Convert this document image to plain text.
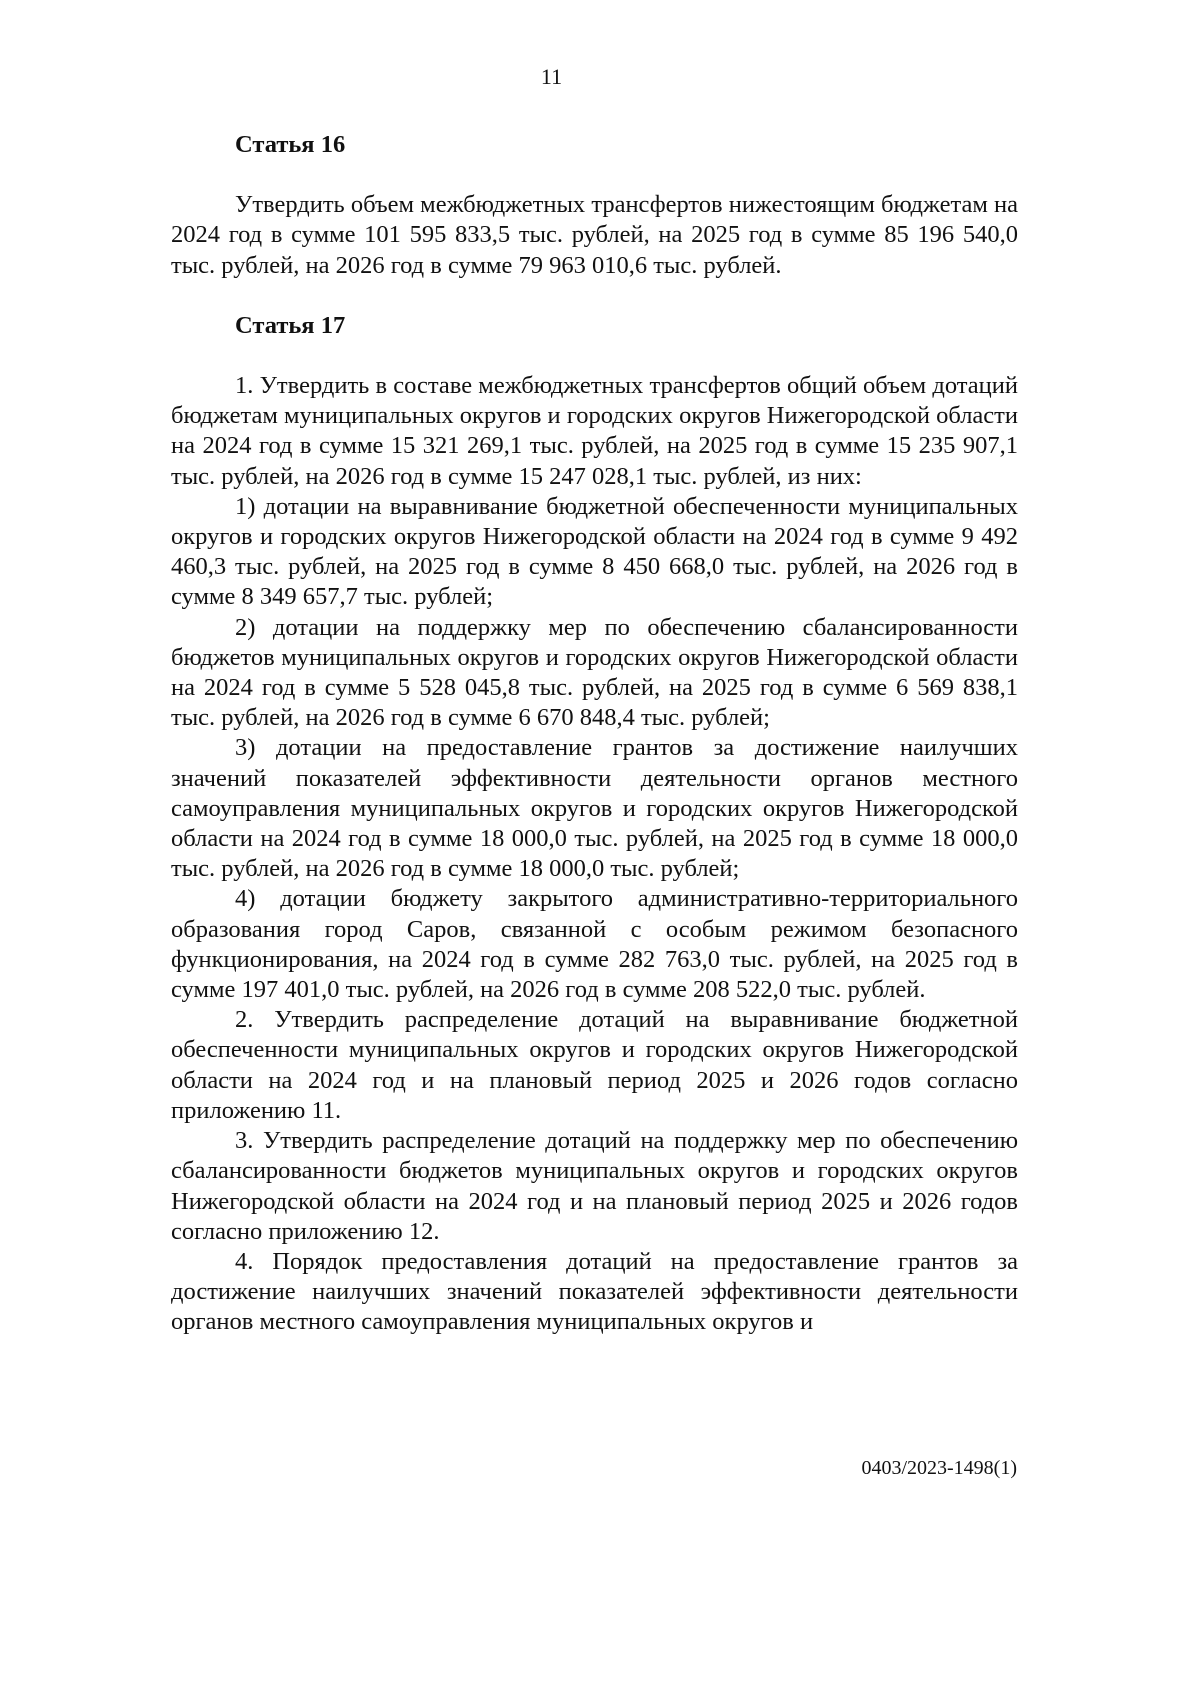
11

Статья 16

Утвердить объем межбюджетных трансфертов нижестоящим бюджетам на 2024 год в сумме 101 595 833,5 тыс. рублей, на 2025 год в сумме 85 196 540,0 тыс. рублей, на 2026 год в сумме 79 963 010,6 тыс. рублей.

Статья 17

1. Утвердить в составе межбюджетных трансфертов общий объем дотаций бюджетам муниципальных округов и городских округов Нижегородской области на 2024 год в сумме 15 321 269,1 тыс. рублей, на 2025 год в сумме 15 235 907,1 тыс. рублей, на 2026 год в сумме 15 247 028,1 тыс. рублей, из них:

1) дотации на выравнивание бюджетной обеспеченности муниципальных округов и городских округов Нижегородской области на 2024 год в сумме 9 492 460,3 тыс. рублей, на 2025 год в сумме 8 450 668,0 тыс. рублей, на 2026 год в сумме 8 349 657,7 тыс. рублей;

2) дотации на поддержку мер по обеспечению сбалансированности бюджетов муниципальных округов и городских округов Нижегородской области на 2024 год в сумме 5 528 045,8 тыс. рублей, на 2025 год в сумме 6 569 838,1 тыс. рублей, на 2026 год в сумме 6 670 848,4 тыс. рублей;

3) дотации на предоставление грантов за достижение наилучших значений показателей эффективности деятельности органов местного самоуправления муниципальных округов и городских округов Нижегородской области на 2024 год в сумме 18 000,0 тыс. рублей, на 2025 год в сумме 18 000,0 тыс. рублей, на 2026 год в сумме 18 000,0 тыс. рублей;

4) дотации бюджету закрытого административно-территориального образования город Саров, связанной с особым режимом безопасного функционирования, на 2024 год в сумме 282 763,0 тыс. рублей, на 2025 год в сумме 197 401,0 тыс. рублей, на 2026 год в сумме 208 522,0 тыс. рублей.

2. Утвердить распределение дотаций на выравнивание бюджетной обеспеченности муниципальных округов и городских округов Нижегородской области на 2024 год и на плановый период 2025 и 2026 годов согласно приложению 11.

3. Утвердить распределение дотаций на поддержку мер по обеспечению сбалансированности бюджетов муниципальных округов и городских округов Нижегородской области на 2024 год и на плановый период 2025 и 2026 годов согласно приложению 12.

4. Порядок предоставления дотаций на предоставление грантов за достижение наилучших значений показателей эффективности деятельности органов местного самоуправления муниципальных округов и

0403/2023-1498(1)
